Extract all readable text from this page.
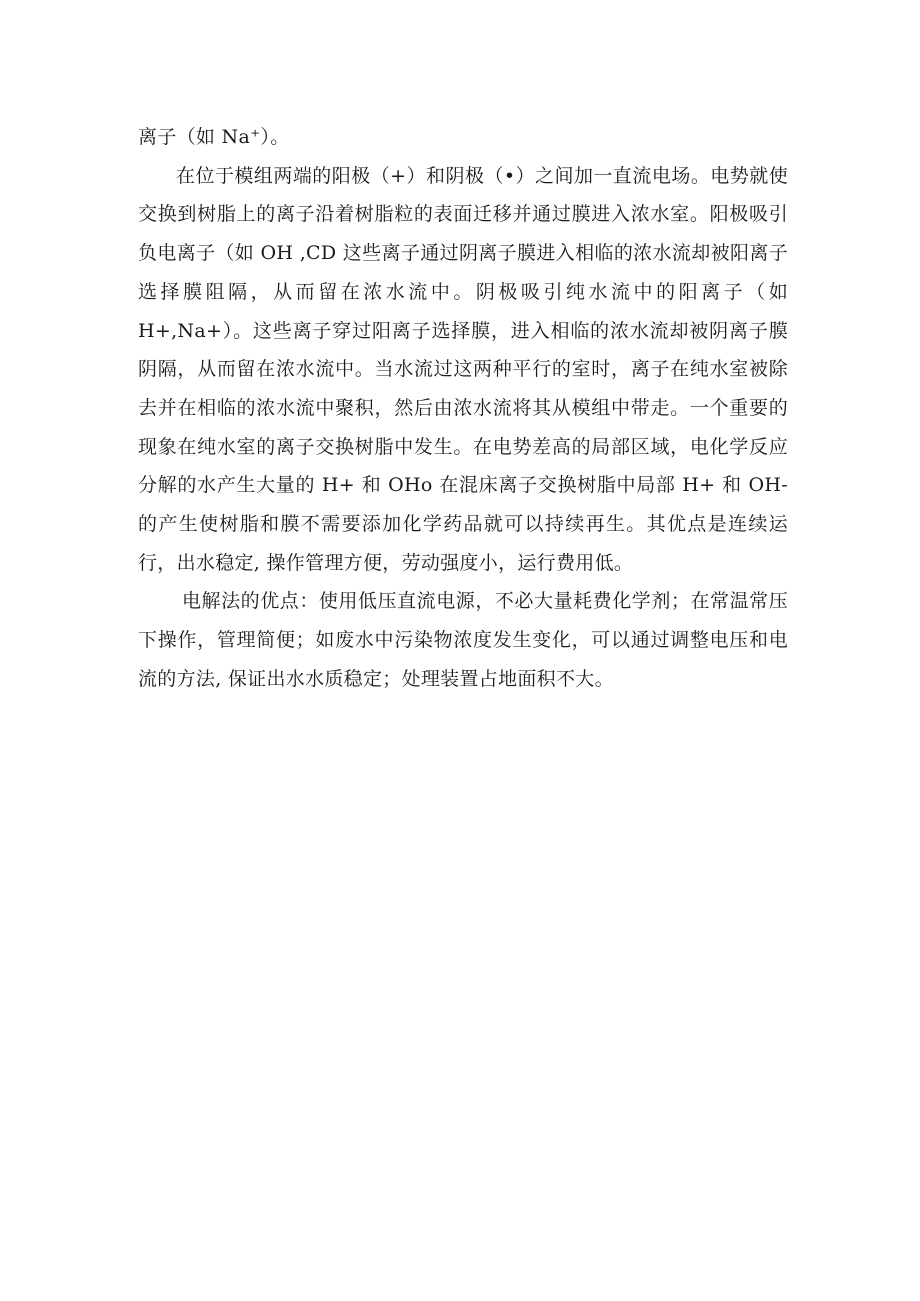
离子（如 Na⁺）。

在位于模组两端的阳极（+）和阴极（•）之间加一直流电场。电势就使交换到树脂上的离子沿着树脂粒的表面迁移并通过膜进入浓水室。阳极吸引负电离子（如 OH ,CD 这些离子通过阴离子膜进入相临的浓水流却被阳离子选择膜阻隔，从而留在浓水流中。阴极吸引纯水流中的阳离子（如 H+,Na+）。这些离子穿过阳离子选择膜，进入相临的浓水流却被阴离子膜阴隔，从而留在浓水流中。当水流过这两种平行的室时，离子在纯水室被除去并在相临的浓水流中聚积，然后由浓水流将其从模组中带走。一个重要的现象在纯水室的离子交换树脂中发生。在电势差高的局部区域，电化学反应分解的水产生大量的 H+ 和 OHo 在混床离子交换树脂中局部 H+ 和 OH- 的产生使树脂和膜不需要添加化学药品就可以持续再生。其优点是连续运行，出水稳定, 操作管理方便，劳动强度小，运行费用低。

电解法的优点：使用低压直流电源，不必大量耗费化学剂；在常温常压下操作，管理简便；如废水中污染物浓度发生变化，可以通过调整电压和电流的方法, 保证出水水质稳定；处理装置占地面积不大。
